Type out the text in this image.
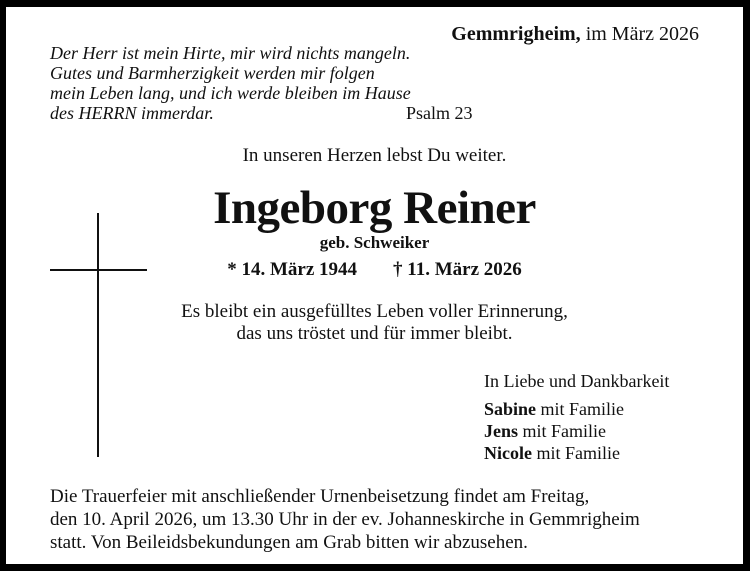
Gemmrigheim, im März 2026
Der Herr ist mein Hirte, mir wird nichts mangeln.
Gutes und Barmherzigkeit werden mir folgen
mein Leben lang, und ich werde bleiben im Hause
des HERRN immerdar.	Psalm 23
In unseren Herzen lebst Du weiter.
Ingeborg Reiner
geb. Schweiker
* 14. März 1944 † 11. März 2026
Es bleibt ein ausgefülltes Leben voller Erinnerung,
das uns tröstet und für immer bleibt.
In Liebe und Dankbarkeit
Sabine mit Familie
Jens mit Familie
Nicole mit Familie
Die Trauerfeier mit anschließender Urnenbeisetzung findet am Freitag,
den 10. April 2026, um 13.30 Uhr in der ev. Johanneskirche in Gemmrigheim
statt. Von Beileidsbekundungen am Grab bitten wir abzusehen.
